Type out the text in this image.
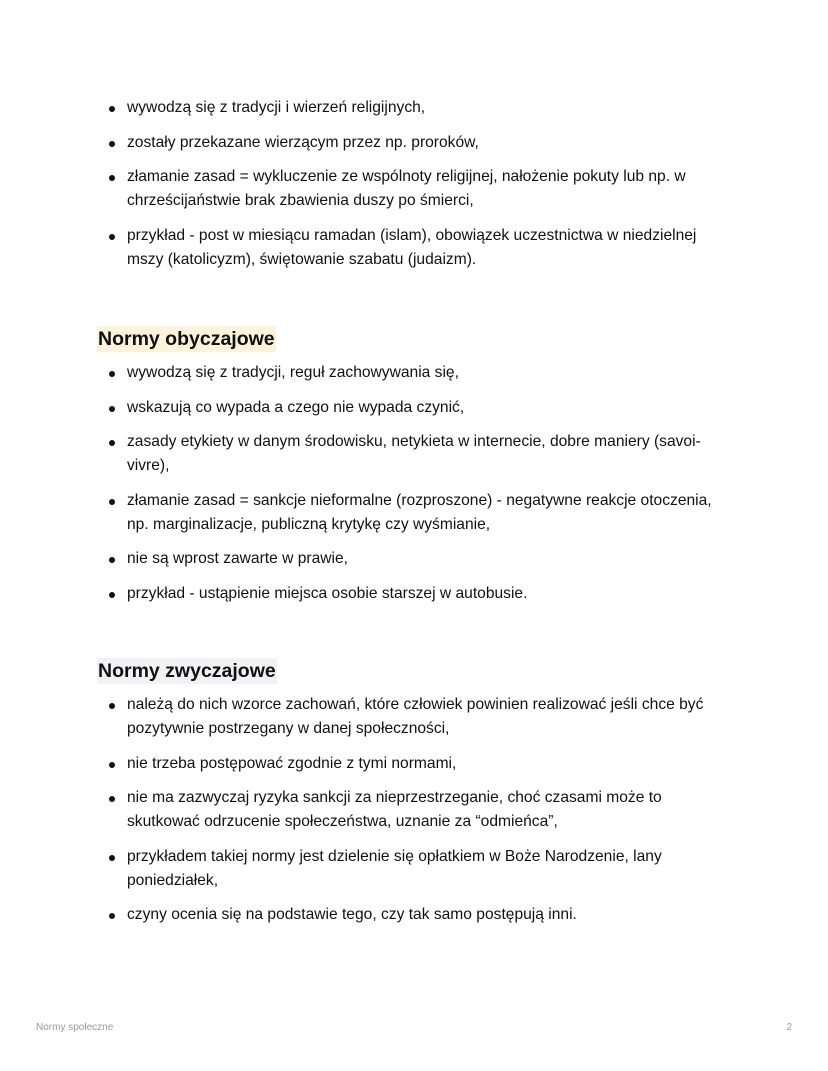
wywodzą się z tradycji i wierzeń religijnych,
zostały przekazane wierzącym przez np. proroków,
złamanie zasad = wykluczenie ze wspólnoty religijnej, nałożenie pokuty lub np. w chrześcijaństwie brak zbawienia duszy po śmierci,
przykład - post w miesiącu ramadan (islam), obowiązek uczestnictwa w niedzielnej mszy (katolicyzm), świętowanie szabatu (judaizm).
Normy obyczajowe
wywodzą się z tradycji, reguł zachowywania się,
wskazują co wypada a czego nie wypada czynić,
zasady etykiety w danym środowisku, netykieta w internecie, dobre maniery (savoi-vivre),
złamanie zasad = sankcje nieformalne (rozproszone) - negatywne reakcje otoczenia, np. marginalizacje, publiczną krytykę czy wyśmianie,
nie są wprost zawarte w prawie,
przykład - ustąpienie miejsca osobie starszej w autobusie.
Normy zwyczajowe
należą do nich wzorce zachowań, które człowiek powinien realizować jeśli chce być pozytywnie postrzegany w danej społeczności,
nie trzeba postępować zgodnie z tymi normami,
nie ma zazwyczaj ryzyka sankcji za nieprzestrzeganie, choć czasami może to skutkować odrzucenie społeczeństwa, uznanie za “odmieńca”,
przykładem takiej normy jest dzielenie się opłatkiem w Boże Narodzenie, lany poniedziałek,
czyny ocenia się na podstawie tego, czy tak samo postępują inni.
Normy społeczne	2
